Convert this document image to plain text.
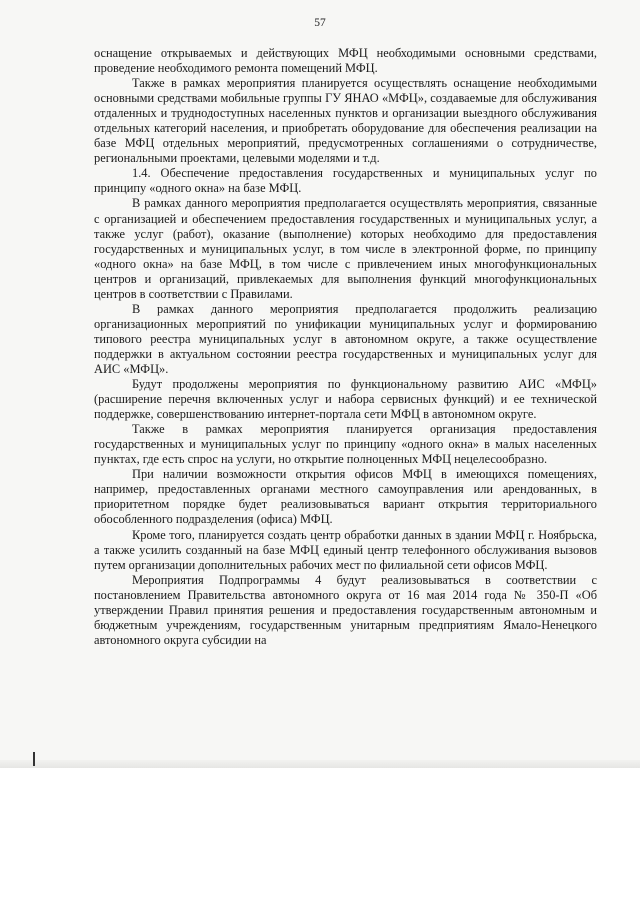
57

оснащение открываемых и действующих МФЦ необходимыми основными средствами, проведение необходимого ремонта помещений МФЦ.

Также в рамках мероприятия планируется осуществлять оснащение необходимыми основными средствами мобильные группы ГУ ЯНАО «МФЦ», создаваемые для обслуживания отдаленных и труднодоступных населенных пунктов и организации выездного обслуживания отдельных категорий населения, и приобретать оборудование для обеспечения реализации на базе МФЦ отдельных мероприятий, предусмотренных соглашениями о сотрудничестве, региональными проектами, целевыми моделями и т.д.

1.4. Обеспечение предоставления государственных и муниципальных услуг по принципу «одного окна» на базе МФЦ.

В рамках данного мероприятия предполагается осуществлять мероприятия, связанные с организацией и обеспечением предоставления государственных и муниципальных услуг, а также услуг (работ), оказание (выполнение) которых необходимо для предоставления государственных и муниципальных услуг, в том числе в электронной форме, по принципу «одного окна» на базе МФЦ, в том числе с привлечением иных многофункциональных центров и организаций, привлекаемых для выполнения функций многофункциональных центров в соответствии с Правилами.

В рамках данного мероприятия предполагается продолжить реализацию организационных мероприятий по унификации муниципальных услуг и формированию типового реестра муниципальных услуг в автономном округе, а также осуществление поддержки в актуальном состоянии реестра государственных и муниципальных услуг для АИС «МФЦ».

Будут продолжены мероприятия по функциональному развитию АИС «МФЦ» (расширение перечня включенных услуг и набора сервисных функций) и ее технической поддержке, совершенствованию интернет-портала сети МФЦ в автономном округе.

Также в рамках мероприятия планируется организация предоставления государственных и муниципальных услуг по принципу «одного окна» в малых населенных пунктах, где есть спрос на услуги, но открытие полноценных МФЦ нецелесообразно.

При наличии возможности открытия офисов МФЦ в имеющихся помещениях, например, предоставленных органами местного самоуправления или арендованных, в приоритетном порядке будет реализовываться вариант открытия территориального обособленного подразделения (офиса) МФЦ.

Кроме того, планируется создать центр обработки данных в здании МФЦ г. Ноябрьска, а также усилить созданный на базе МФЦ единый центр телефонного обслуживания вызовов путем организации дополнительных рабочих мест по филиальной сети офисов МФЦ.

Мероприятия Подпрограммы 4 будут реализовываться в соответствии с постановлением Правительства автономного округа от 16 мая 2014 года № 350-П «Об утверждении Правил принятия решения и предоставления государственным автономным и бюджетным учреждениям, государственным унитарным предприятиям Ямало-Ненецкого автономного округа субсидии на
